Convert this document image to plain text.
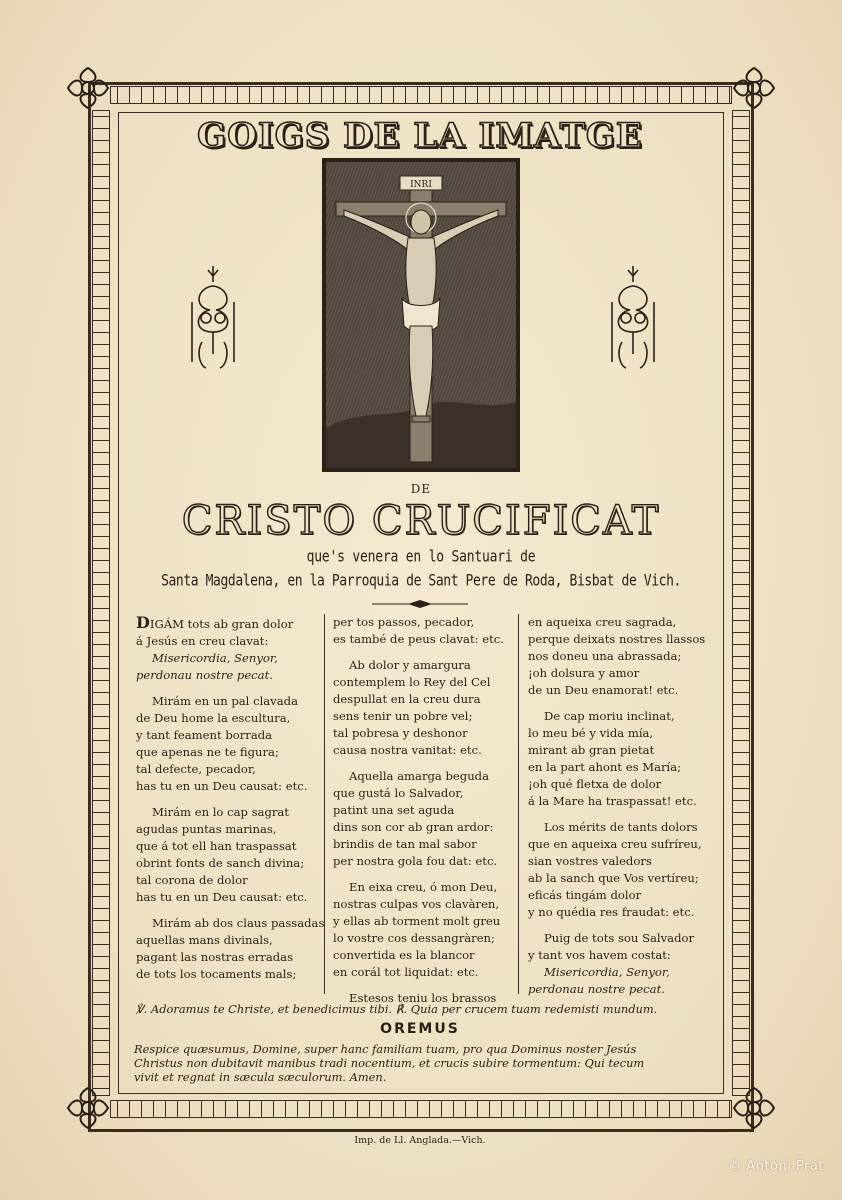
GOIGS DE LA IMATGE
INRI
DE
CRISTO CRUCIFICAT
que's venera en lo Santuari de
Santa Magdalena, en la Parroquia de Sant Pere de Roda, Bisbat de Vich.
DIGÁM tots ab gran dolor
á Jesús en creu clavat:
Misericordia, Senyor,
perdonau nostre pecat.
Mirám en un pal clavada
de Deu home la escultura,
y tant feament borrada
que apenas ne te figura;
tal defecte, pecador,
has tu en un Deu causat: etc.
Mirám en lo cap sagrat
agudas puntas marinas,
que á tot ell han traspassat
obrint fonts de sanch divina;
tal corona de dolor
has tu en un Deu causat: etc.
Mirám ab dos claus passadas
aquellas mans divinals,
pagant las nostras erradas
de tots los tocaments mals;
per tos passos, pecador,
es també de peus clavat: etc.
Ab dolor y amargura
contemplem lo Rey del Cel
despullat en la creu dura
sens tenir un pobre vel;
tal pobresa y deshonor
causa nostra vanitat: etc.
Aquella amarga beguda
que gustá lo Salvador,
patint una set aguda
dins son cor ab gran ardor:
brindis de tan mal sabor
per nostra gola fou dat: etc.
En eixa creu, ó mon Deu,
nostras culpas vos clavàren,
y ellas ab torment molt greu
lo vostre cos dessangràren;
convertida es la blancor
en corál tot liquidat: etc.
Estesos teniu los brassos
en aqueixa creu sagrada,
perque deixats nostres llassos
nos doneu una abrassada;
¡oh dolsura y amor
de un Deu enamorat! etc.
De cap moriu inclinat,
lo meu bé y vida mía,
mirant ab gran pietat
en la part ahont es María;
¡oh qué fletxa de dolor
á la Mare ha traspassat! etc.
Los mérits de tants dolors
que en aqueixa creu sufríreu,
sian vostres valedors
ab la sanch que Vos vertíreu;
eficás tingám dolor
y no quédia res fraudat: etc.
Puig de tots sou Salvador
y tant vos havem costat:
Misericordia, Senyor,
perdonau nostre pecat.
℣. Adoramus te Christe, et benedicimus tibi. ℟. Quia per crucem tuam redemisti mundum.
OREMUS
Respice quæsumus, Domine, super hanc familiam tuam, pro qua Dominus noster Jesús
Christus non dubitavit manibus tradi nocentium, et crucis subire tormentum: Qui tecum
vivit et regnat in sæcula sæculorum. Amen.
Imp. de Ll. Anglada.—Vich.
© Antoni Prat
